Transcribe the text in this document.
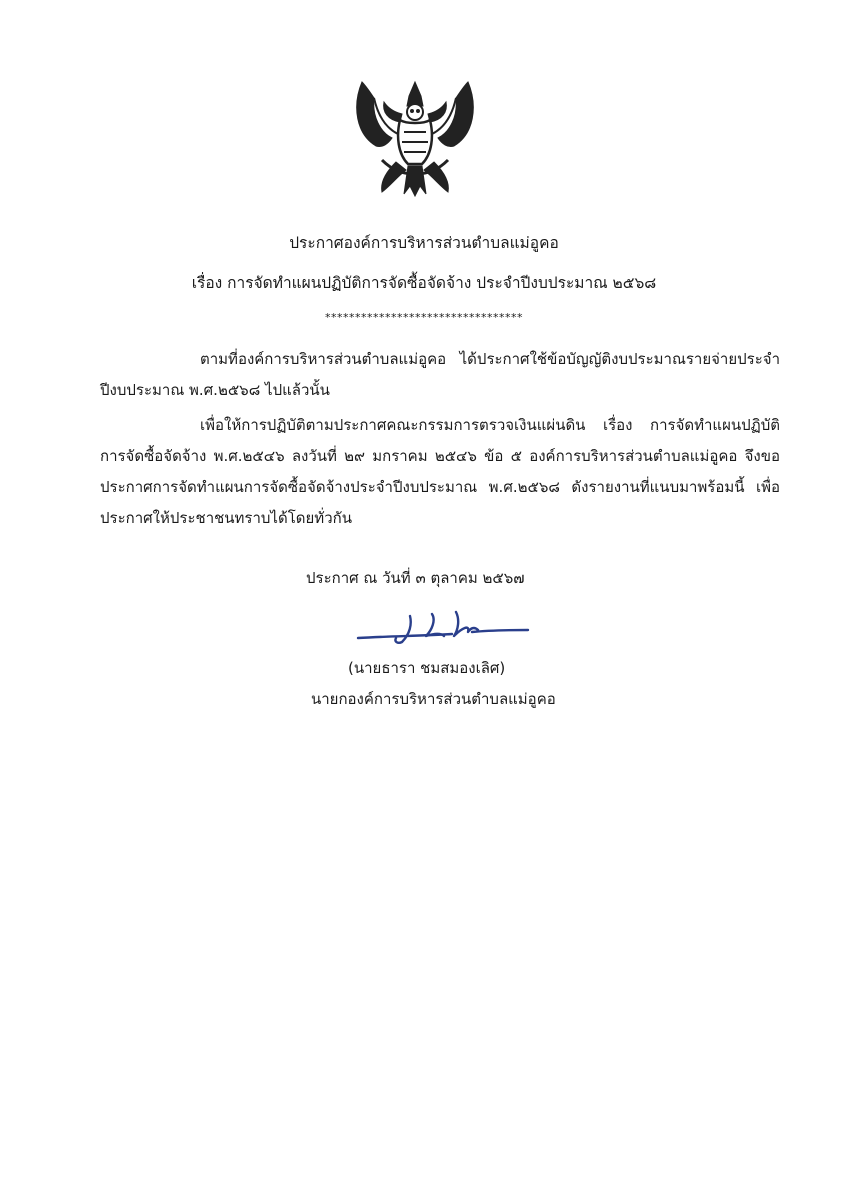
ประกาศองค์การบริหารส่วนตำบลแม่อูคอ
เรื่อง การจัดทำแผนปฏิบัติการจัดซื้อจัดจ้าง ประจำปีงบประมาณ ๒๕๖๘
*********************************
ตามที่องค์การบริหารส่วนตำบลแม่อูคอ ได้ประกาศใช้ข้อบัญญัติงบประมาณรายจ่ายประจำปีงบประมาณ พ.ศ.๒๕๖๘ ไปแล้วนั้น
เพื่อให้การปฏิบัติตามประกาศคณะกรรมการตรวจเงินแผ่นดิน เรื่อง การจัดทำแผนปฏิบัติการจัดซื้อจัดจ้าง พ.ศ.๒๕๔๖ ลงวันที่ ๒๙ มกราคม ๒๕๔๖ ข้อ ๕ องค์การบริหารส่วนตำบลแม่อูคอ จึงขอประกาศการจัดทำแผนการจัดซื้อจัดจ้างประจำปีงบประมาณ พ.ศ.๒๕๖๘ ดังรายงานที่แนบมาพร้อมนี้ เพื่อประกาศให้ประชาชนทราบได้โดยทั่วกัน
ประกาศ ณ วันที่ ๓ ตุลาคม ๒๕๖๗
(นายธารา ชมสมองเลิศ)
นายกองค์การบริหารส่วนตำบลแม่อูคอ
